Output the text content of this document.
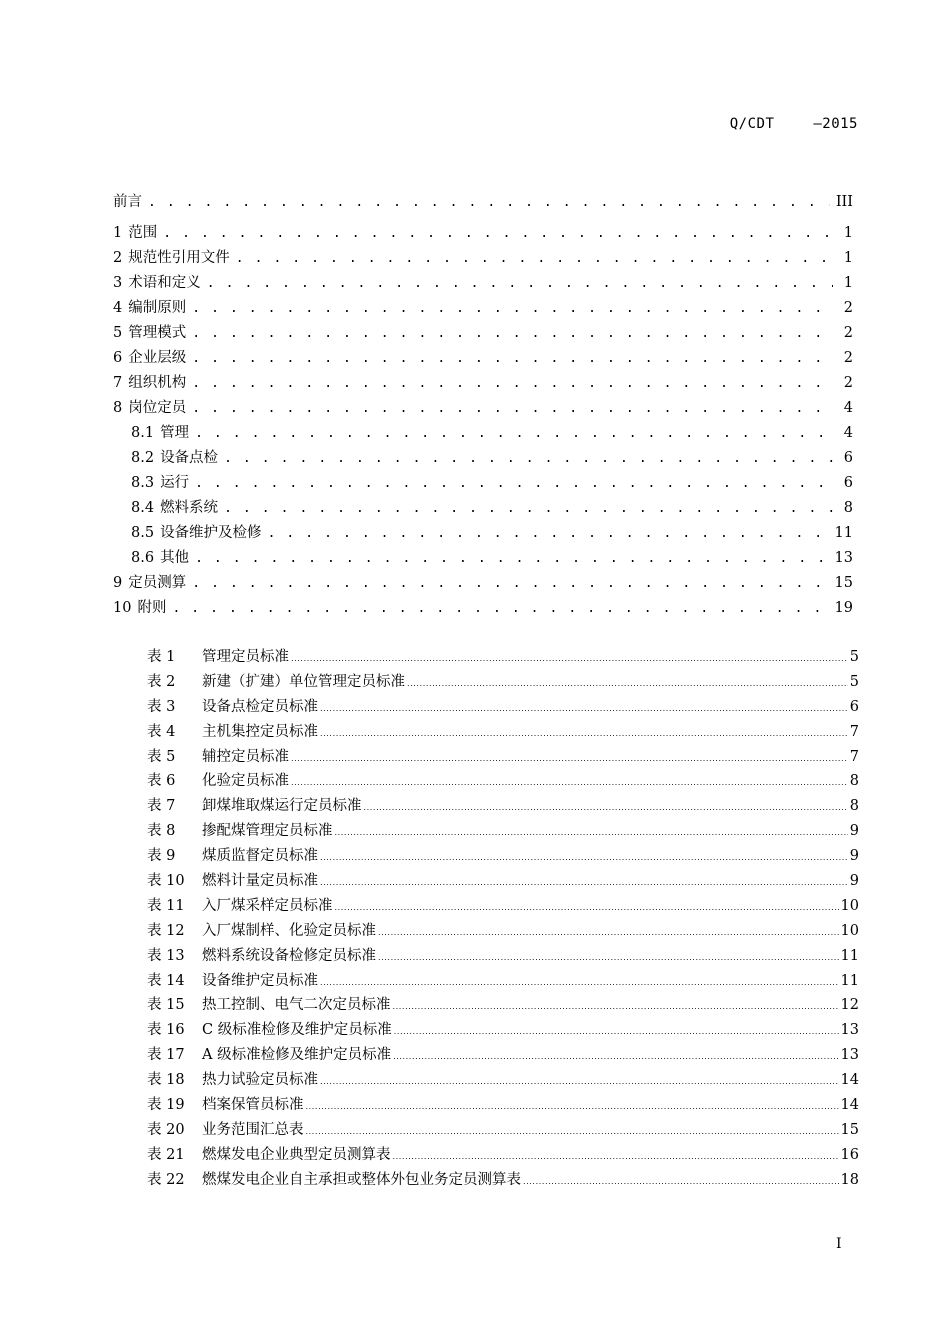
Q/CDT	—2015
前言 . . .	III
1 范围 . . .	1
2 规范性引用文件 . . .	1
3 术语和定义 . . .	1
4 编制原则 . . .	2
5 管理模式 . . .	2
6 企业层级 . . .	2
7 组织机构 . . .	2
8 岗位定员 . . .	4
8.1 管理 . . .	4
8.2 设备点检 . . .	6
8.3 运行 . . .	6
8.4 燃料系统 . . .	8
8.5 设备维护及检修 . . .	11
8.6 其他 . . .	13
9 定员测算 . . .	15
10 附则 . . .	19
表 1	管理定员标准 .....	5
表 2	新建（扩建）单位管理定员标准 .....	5
表 3	设备点检定员标准 .....	6
表 4	主机集控定员标准 .....	7
表 5	辅控定员标准 .....	7
表 6	化验定员标准 .....	8
表 7	卸煤堆取煤运行定员标准 .....	8
表 8	掺配煤管理定员标准 .....	9
表 9	煤质监督定员标准 .....	9
表 10	燃料计量定员标准 .....	9
表 11	入厂煤采样定员标准 .....	10
表 12	入厂煤制样、化验定员标准 .....	10
表 13	燃料系统设备检修定员标准 .....	11
表 14	设备维护定员标准 .....	11
表 15	热工控制、电气二次定员标准 .....	12
表 16	C 级标准检修及维护定员标准 .....	13
表 17	A 级标准检修及维护定员标准 .....	13
表 18	热力试验定员标准 .....	14
表 19	档案保管员标准 .....	14
表 20	业务范围汇总表 .....	15
表 21	燃煤发电企业典型定员测算表 .....	16
表 22	燃煤发电企业自主承担或整体外包业务定员测算表 .....	18
I
